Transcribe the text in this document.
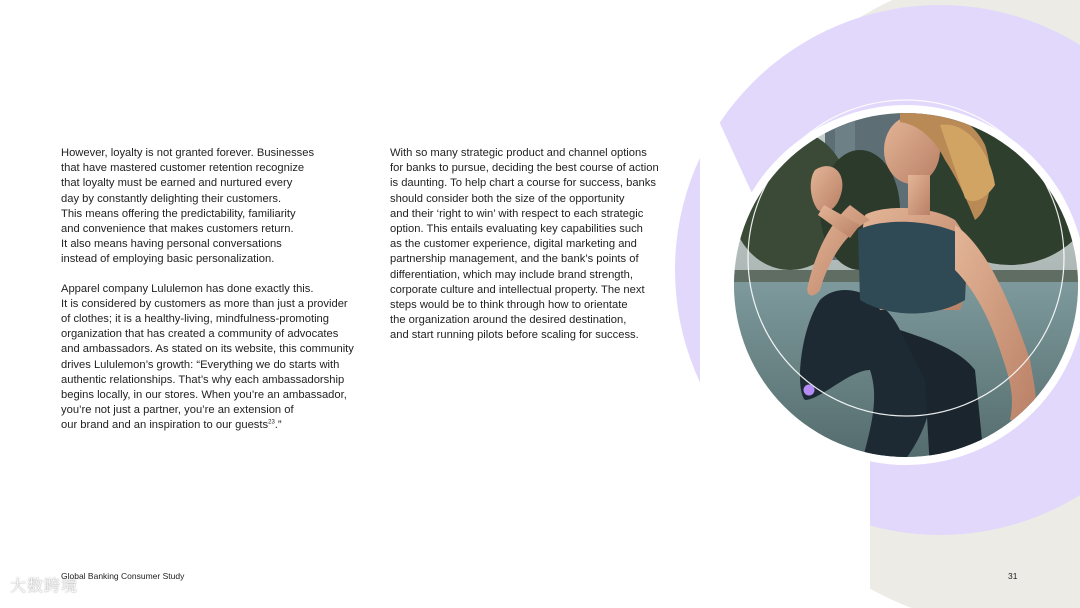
However, loyalty is not granted forever. Businesses
that have mastered customer retention recognize
that loyalty must be earned and nurtured every
day by constantly delighting their customers.
This means offering the predictability, familiarity
and convenience that makes customers return.
It also means having personal conversations
instead of employing basic personalization.

Apparel company Lululemon has done exactly this.
It is considered by customers as more than just a provider
of clothes; it is a healthy-living, mindfulness-promoting
organization that has created a community of advocates
and ambassadors. As stated on its website, this community
drives Lululemon’s growth: “Everything we do starts with
authentic relationships. That’s why each ambassadorship
begins locally, in our stores. When you’re an ambassador,
you’re not just a partner, you’re an extension of
our brand and an inspiration to our guests$^{23}$.”

With so many strategic product and channel options
for banks to pursue, deciding the best course of action
is daunting. To help chart a course for success, banks
should consider both the size of the opportunity
and their ‘right to win’ with respect to each strategic
option. This entails evaluating key capabilities such
as the customer experience, digital marketing and
partnership management, and the bank’s points of
differentiation, which may include brand strength,
corporate culture and intellectual property. The next
steps would be to think through how to orientate
the organization around the desired destination,
and start running pilots before scaling for success.

大数跨境
Global Banking Consumer Study	31
